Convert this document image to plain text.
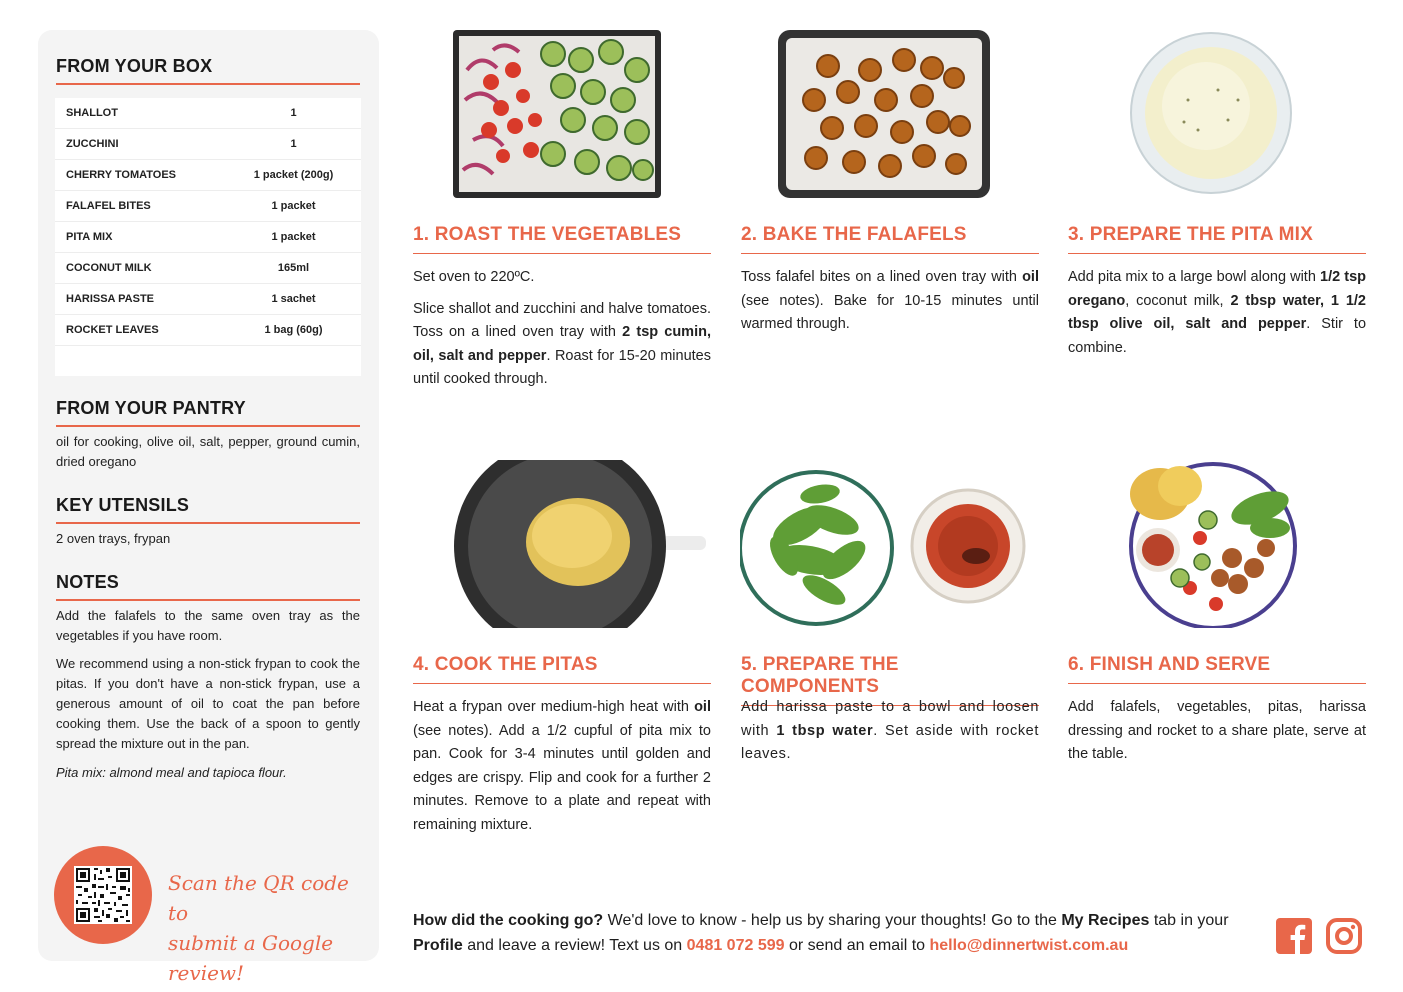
FROM YOUR BOX
SHALLOT	1
ZUCCHINI	1
CHERRY TOMATOES	1 packet (200g)
FALAFEL BITES	1 packet
PITA MIX	1 packet
COCONUT MILK	165ml
HARISSA PASTE	1 sachet
ROCKET LEAVES	1 bag (60g)
FROM YOUR PANTRY
oil for cooking, olive oil, salt, pepper, ground cumin, dried oregano
KEY UTENSILS
2 oven trays, frypan
NOTES
Add the falafels to the same oven tray as the vegetables if you have room.
We recommend using a non-stick frypan to cook the pitas. If you don't have a non-stick frypan, use a generous amount of oil to coat the pan before cooking them. Use the back of a spoon to gently spread the mixture out in the pan.
Pita mix: almond meal and tapioca flour.
Scan the QR code to
submit a Google review!
1. ROAST THE VEGETABLES	2. BAKE THE FALAFELS	3. PREPARE THE PITA MIX
4. COOK THE PITAS	5. PREPARE THE COMPONENTS
6. FINISH AND SERVE

Set oven to 220ºC.

Slice shallot and zucchini and halve tomatoes. Toss on a lined oven tray with 2 tsp cumin, oil, salt and pepper. Roast for 15-20 minutes until cooked through.

Toss falafel bites on a lined oven tray with oil (see notes). Bake for 10-15 minutes until warmed through.

Add pita mix to a large bowl along with 1/2 tsp oregano, coconut milk, 2 tbsp water, 1 1/2 tbsp olive oil, salt and pepper. Stir to combine.

Heat a frypan over medium-high heat with oil (see notes). Add a 1/2 cupful of pita mix to pan. Cook for 3-4 minutes until golden and edges are crispy. Flip and cook for a further 2 minutes. Remove to a plate and repeat with remaining mixture.

Add harissa paste to a bowl and loosen with 1 tbsp water. Set aside with rocket leaves.

Add falafels, vegetables, pitas, harissa dressing and rocket to a share plate, serve at the table.

How did the cooking go? We'd love to know - help us by sharing your thoughts! Go to the My Recipes tab in your Profile and leave a review! Text us on 0481 072 599 or send an email to hello@dinnertwist.com.au
